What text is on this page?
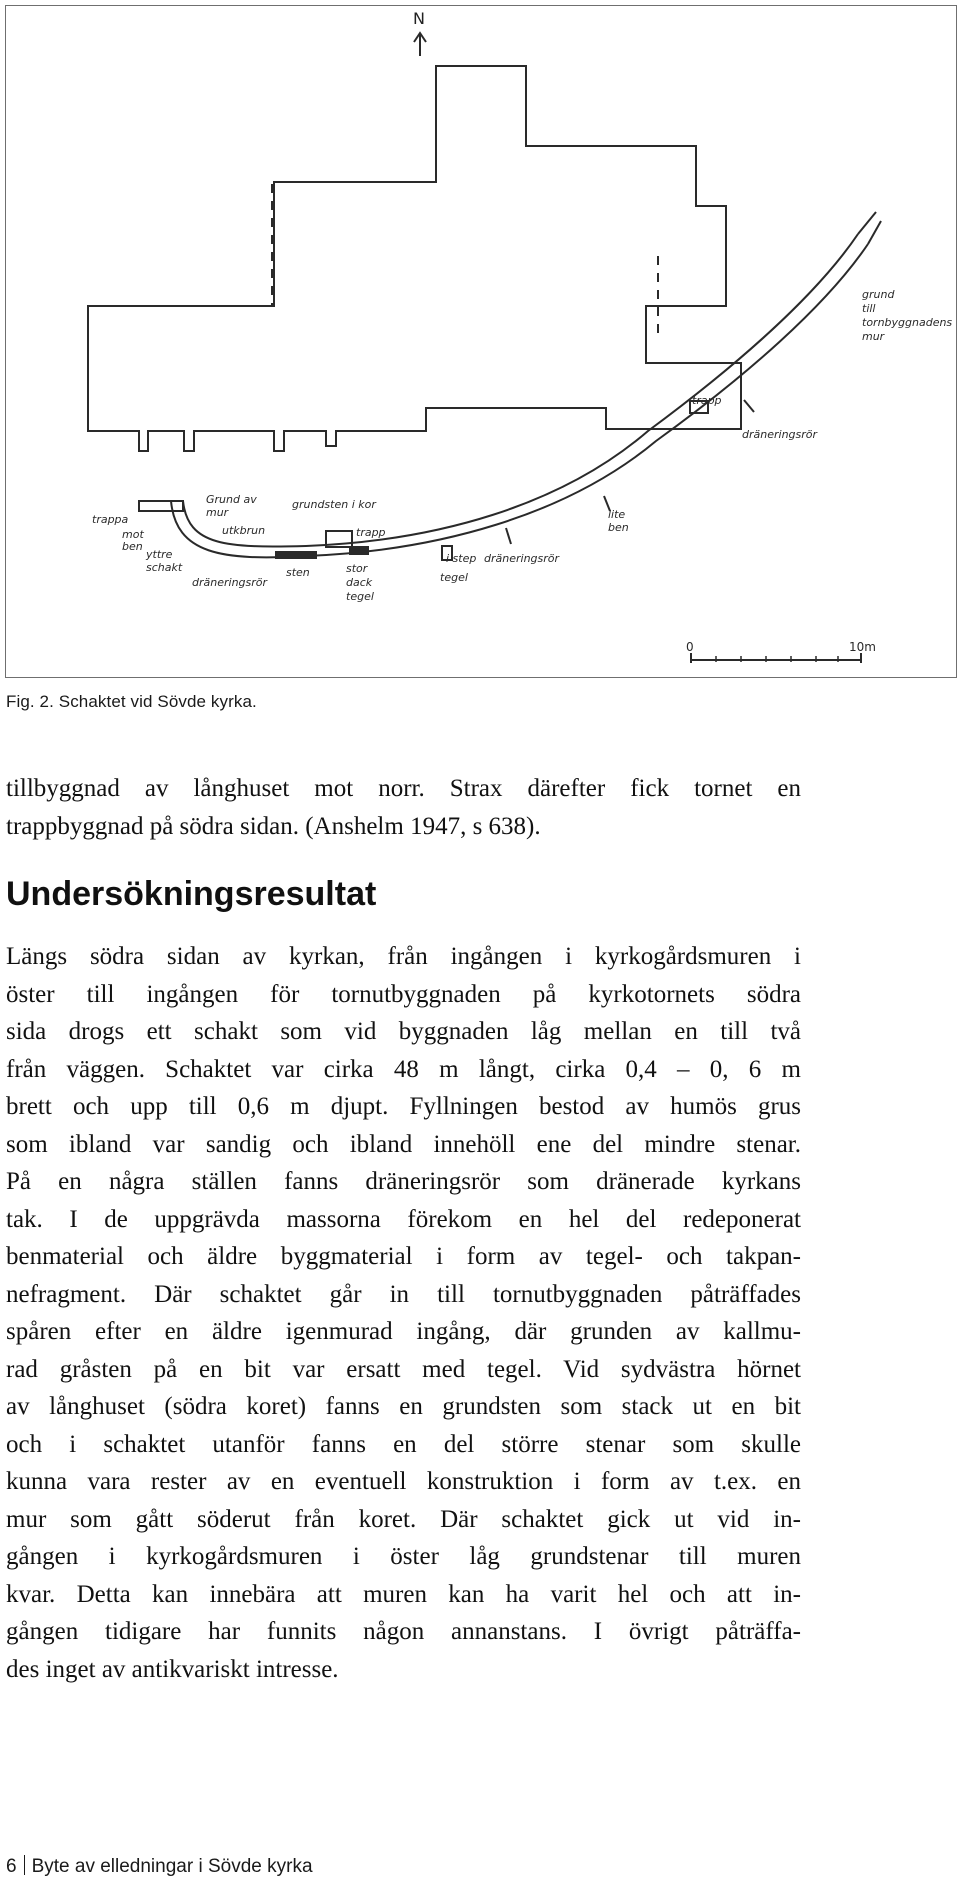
N
grund
till
tornbyggnadens
mur
trapp
dräneringsrör
lite
ben
dräneringsrör
i step
tegel
grundsten i kor
trapp
stor
dack
tegel
sten
Grund av
mur
utkbrun
trappa
mot
ben
yttre
schakt
dräneringsrör
0	10m
Fig. 2. Schaktet vid Sövde kyrka.
tillbyggnad av långhuset mot norr. Strax därefter fick tornet en
trappbyggnad på södra sidan. (Anshelm 1947, s 638).
Undersökningsresultat
Längs södra sidan av kyrkan, från ingången i kyrkogårdsmuren i
öster till ingången för tornutbyggnaden på kyrkotornets södra
sida drogs ett schakt som vid byggnaden låg mellan en till två
från väggen. Schaktet var cirka 48 m långt, cirka 0,4 – 0, 6 m
brett och upp till 0,6 m djupt. Fyllningen bestod av humös grus
som ibland var sandig och ibland innehöll ene del mindre stenar.
På en några ställen fanns dräneringsrör som dränerade kyrkans
tak. I de uppgrävda massorna förekom en hel del redeponerat
benmaterial och äldre byggmaterial i form av tegel- och takpan-
nefragment. Där schaktet går in till tornutbyggnaden påträffades
spåren efter en äldre igenmurad ingång, där grunden av kallmu-
rad gråsten på en bit var ersatt med tegel. Vid sydvästra hörnet
av långhuset (södra koret) fanns en grundsten som stack ut en bit
och i schaktet utanför fanns en del större stenar som skulle
kunna vara rester av en eventuell konstruktion i form av t.ex. en
mur som gått söderut från koret. Där schaktet gick ut vid in-
gången i kyrkogårdsmuren i öster låg grundstenar till muren
kvar. Detta kan innebära att muren kan ha varit hel och att in-
gången tidigare har funnits någon annanstans. I övrigt påträffa-
des inget av antikvariskt intresse.
6 Byte av elledningar i Sövde kyrka
